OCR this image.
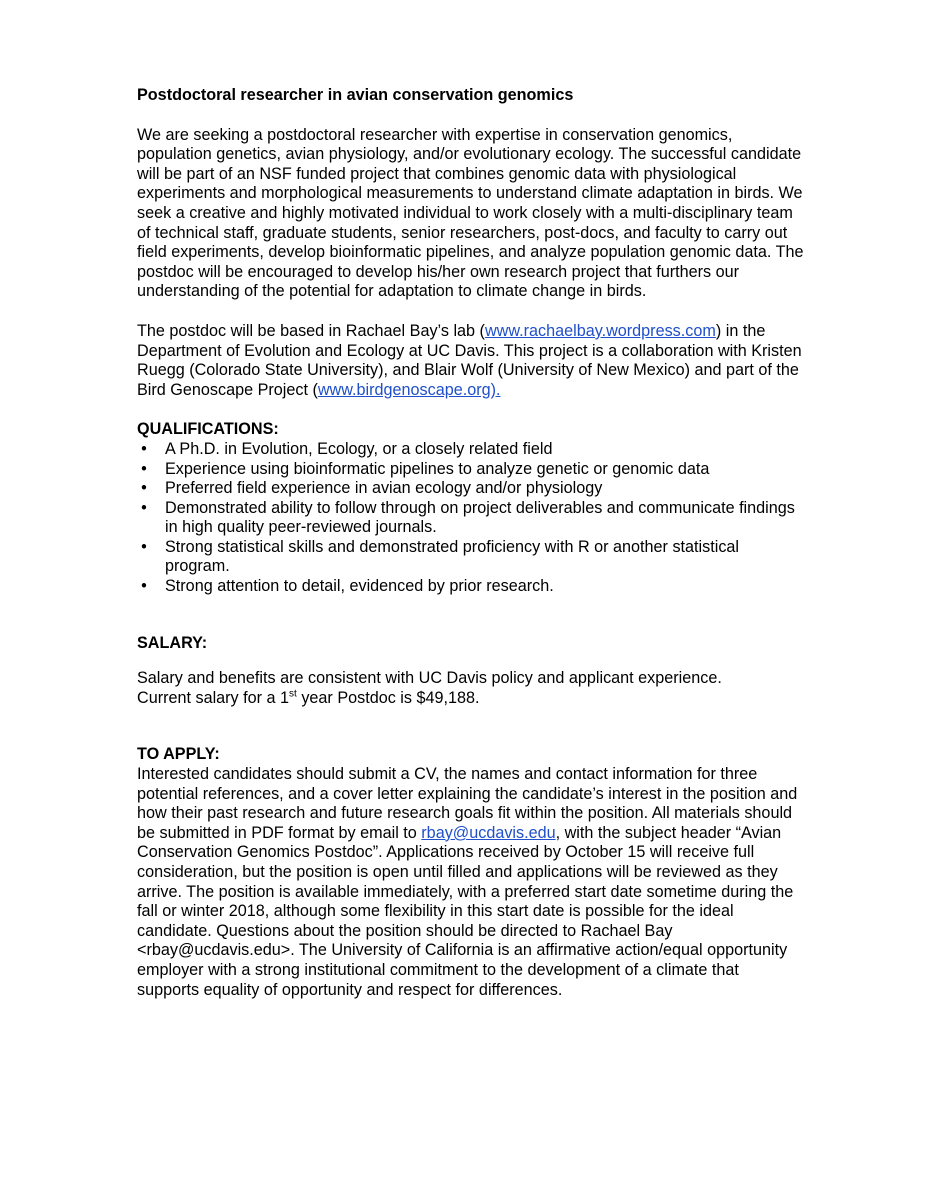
Postdoctoral researcher in avian conservation genomics

We are seeking a postdoctoral researcher with expertise in conservation genomics, population genetics, avian physiology, and/or evolutionary ecology. The successful candidate will be part of an NSF funded project that combines genomic data with physiological experiments and morphological measurements to understand climate adaptation in birds. We seek a creative and highly motivated individual to work closely with a multi-disciplinary team of technical staff, graduate students, senior researchers, post-docs, and faculty to carry out field experiments, develop bioinformatic pipelines, and analyze population genomic data. The postdoc will be encouraged to develop his/her own research project that furthers our understanding of the potential for adaptation to climate change in birds.

The postdoc will be based in Rachael Bay’s lab (www.rachaelbay.wordpress.com) in the Department of Evolution and Ecology at UC Davis. This project is a collaboration with Kristen Ruegg (Colorado State University), and Blair Wolf (University of New Mexico) and part of the Bird Genoscape Project (www.birdgenoscape.org).

QUALIFICATIONS:

• A Ph.D. in Evolution, Ecology, or a closely related field
• Experience using bioinformatic pipelines to analyze genetic or genomic data
• Preferred field experience in avian ecology and/or physiology
• Demonstrated ability to follow through on project deliverables and communicate findings in high quality peer-reviewed journals.
• Strong statistical skills and demonstrated proficiency with R or another statistical program.
• Strong attention to detail, evidenced by prior research.

SALARY:

Salary and benefits are consistent with UC Davis policy and applicant experience.

Current salary for a 1st year Postdoc is $49,188.

TO APPLY:

Interested candidates should submit a CV, the names and contact information for three potential references, and a cover letter explaining the candidate’s interest in the position and how their past research and future research goals fit within the position. All materials should be submitted in PDF format by email to rbay@ucdavis.edu, with the subject header “Avian Conservation Genomics Postdoc”. Applications received by October 15 will receive full consideration, but the position is open until filled and applications will be reviewed as they arrive. The position is available immediately, with a preferred start date sometime during the fall or winter 2018, although some flexibility in this start date is possible for the ideal candidate. Questions about the position should be directed to Rachael Bay <rbay@ucdavis.edu>. The University of California is an affirmative action/equal opportunity employer with a strong institutional commitment to the development of a climate that supports equality of opportunity and respect for differences.
